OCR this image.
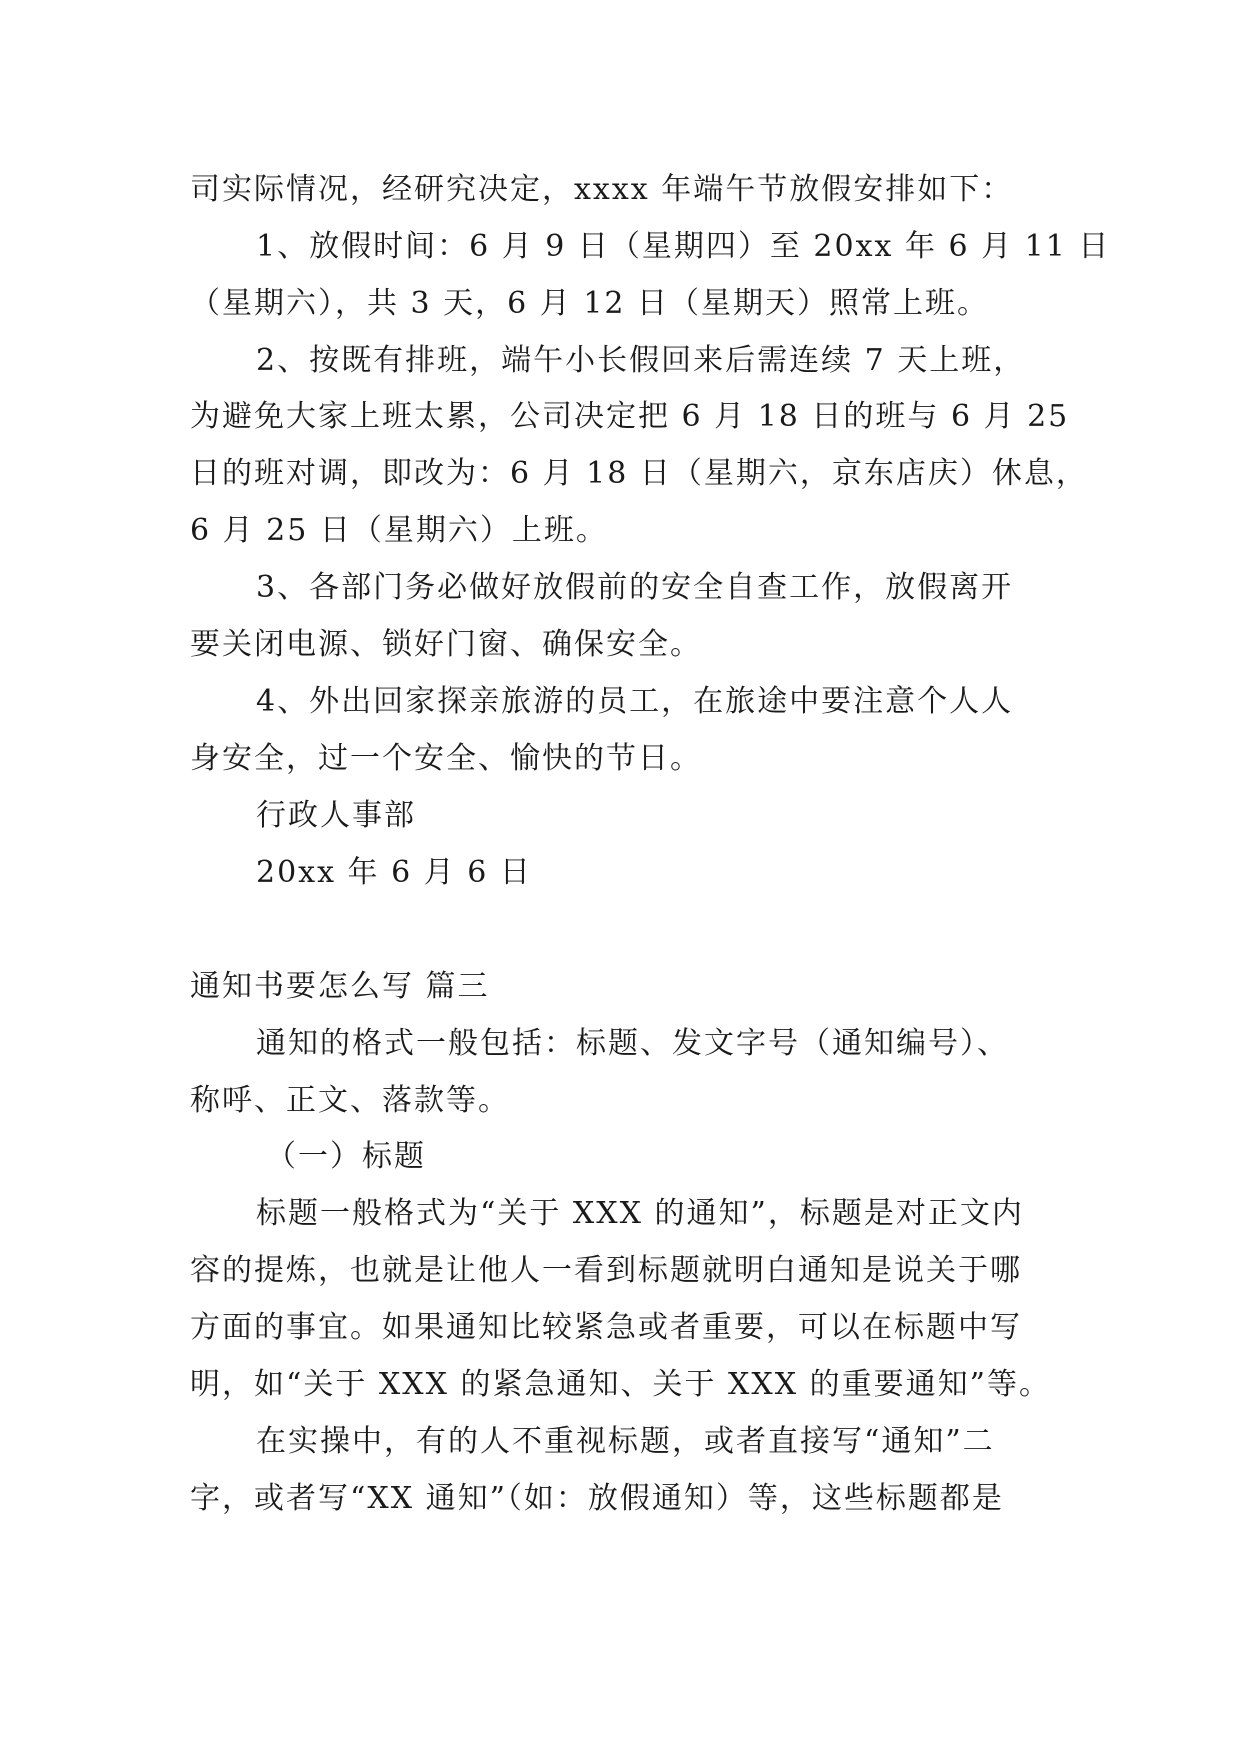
司实际情况，经研究决定，xxxx 年端午节放假安排如下：
1、放假时间：6 月 9 日（星期四）至 20xx 年 6 月 11 日
（星期六），共 3 天，6 月 12 日（星期天）照常上班。
2、按既有排班，端午小长假回来后需连续 7 天上班，
为避免大家上班太累，公司决定把 6 月 18 日的班与 6 月 25
日的班对调，即改为：6 月 18 日（星期六，京东店庆）休息，
6 月 25 日（星期六）上班。
3、各部门务必做好放假前的安全自查工作，放假离开
要关闭电源、锁好门窗、确保安全。
4、外出回家探亲旅游的员工，在旅途中要注意个人人
身安全，过一个安全、愉快的节日。
行政人事部
20xx 年 6 月 6 日
通知书要怎么写 篇三
通知的格式一般包括：标题、发文字号（通知编号）、
称呼、正文、落款等。
（一）标题
标题一般格式为“关于 XXX 的通知”，标题是对正文内
容的提炼，也就是让他人一看到标题就明白通知是说关于哪
方面的事宜。如果通知比较紧急或者重要，可以在标题中写
明，如“关于 XXX 的紧急通知、关于 XXX 的重要通知”等。
在实操中，有的人不重视标题，或者直接写“通知”二
字，或者写“XX 通知”（如：放假通知）等，这些标题都是
